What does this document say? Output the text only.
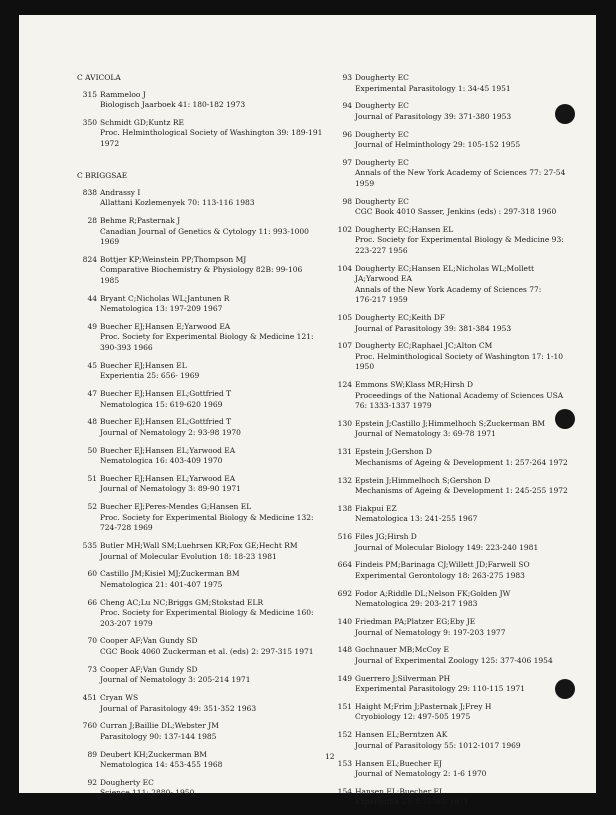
C AVICOLA
315 Rammeloo J
Biologisch Jaarboek 41: 180-182 1973
350 Schmidt GD;Kuntz RE
Proc. Helminthological Society of Washington 39: 189-191
1972
C BRIGGSAE
838 Andrassy I
Allattani Kozlemenyek 70: 113-116 1983
28 Behme R;Pasternak J
Canadian Journal of Genetics & Cytology 11: 993-1000
1969
824 Bottjer KP;Weinstein PP;Thompson MJ
Comparative Biochemistry & Physiology 82B: 99-106
1985
44 Bryant C;Nicholas WL;Jantunen R
Nematologica 13: 197-209 1967
49 Buecher EJ;Hansen E;Yarwood EA
Proc. Society for Experimental Biology & Medicine 121:
390-393 1966
45 Buecher EJ;Hansen EL
Experientia 25: 656- 1969
47 Buecher EJ;Hansen EL;Gottfried T
Nematologica 15: 619-620 1969
48 Buecher EJ;Hansen EL;Gottfried T
Journal of Nematology 2: 93-98 1970
50 Buecher EJ;Hansen EL;Yarwood EA
Nematologica 16: 403-409 1970
51 Buecher EJ;Hansen EL;Yarwood EA
Journal of Nematology 3: 89-90 1971
52 Buecher EJ;Peres-Mendes G;Hansen EL
Proc. Society for Experimental Biology & Medicine 132:
724-728 1969
535 Butler MH;Wall SM;Luehrsen KR;Fox GE;Hecht RM
Journal of Molecular Evolution 18: 18-23 1981
60 Castillo JM;Kisiel MJ;Zuckerman BM
Nematologica 21: 401-407 1975
66 Cheng AC;Lu NC;Briggs GM;Stokstad ELR
Proc. Society for Experimental Biology & Medicine 160:
203-207 1979
70 Cooper AF;Van Gundy SD
CGC Book 4060 Zuckerman et al. (eds) 2: 297-315 1971
73 Cooper AF;Van Gundy SD
Journal of Nematology 3: 205-214 1971
451 Cryan WS
Journal of Parasitology 49: 351-352 1963
760 Curran J;Baillie DL;Webster JM
Parasitology 90: 137-144 1985
89 Deubert KH;Zuckerman BM
Nematologica 14: 453-455 1968
92 Dougherty EC
Science 111: 2880- 1950
93 Dougherty EC
Experimental Parasitology 1: 34-45 1951
94 Dougherty EC
Journal of Parasitology 39: 371-380 1953
96 Dougherty EC
Journal of Helminthology 29: 105-152 1955
97 Dougherty EC
Annals of the New York Academy of Sciences 77: 27-54
1959
98 Dougherty EC
CGC Book 4010 Sasser, Jenkins (eds) : 297-318 1960
102 Dougherty EC;Hansen EL
Proc. Society for Experimental Biology & Medicine 93:
223-227 1956
104 Dougherty EC;Hansen EL;Nicholas WL;Mollett
JA;Yarwood EA
Annals of the New York Academy of Sciences 77:
176-217 1959
105 Dougherty EC;Keith DF
Journal of Parasitology 39: 381-384 1953
107 Dougherty EC;Raphael JC;Alton CM
Proc. Helminthological Society of Washington 17: 1-10
1950
124 Emmons SW;Klass MR;Hirsh D
Proceedings of the National Academy of Sciences USA
76: 1333-1337 1979
130 Epstein J;Castillo J;Himmelhoch S;Zuckerman BM
Journal of Nematology 3: 69-78 1971
131 Epstein J;Gershon D
Mechanisms of Ageing & Development 1: 257-264 1972
132 Epstein J;Himmelhoch S;Gershon D
Mechanisms of Ageing & Development 1: 245-255 1972
138 Fiakpui EZ
Nematologica 13: 241-255 1967
516 Files JG;Hirsh D
Journal of Molecular Biology 149: 223-240 1981
664 Findeis PM;Barinaga CJ;Willett JD;Farwell SO
Experimental Gerontology 18: 263-275 1983
692 Fodor A;Riddle DL;Nelson FK;Golden JW
Nematologica 29: 203-217 1983
140 Friedman PA;Platzer EG;Eby JE
Journal of Nematology 9: 197-203 1977
148 Gochnauer MB;McCoy E
Journal of Experimental Zoology 125: 377-406 1954
149 Guerrero J;Silverman PH
Experimental Parasitology 29: 110-115 1971
151 Haight M;Frim J;Pasternak J;Frey H
Cryobiology 12: 497-505 1975
152 Hansen EL;Berntzen AK
Journal of Parasitology 55: 1012-1017 1969
153 Hansen EL;Buecher EJ
Journal of Nematology 2: 1-6 1970
154 Hansen EL;Buecher EJ
Experientia 27: 859-860 1971
12
